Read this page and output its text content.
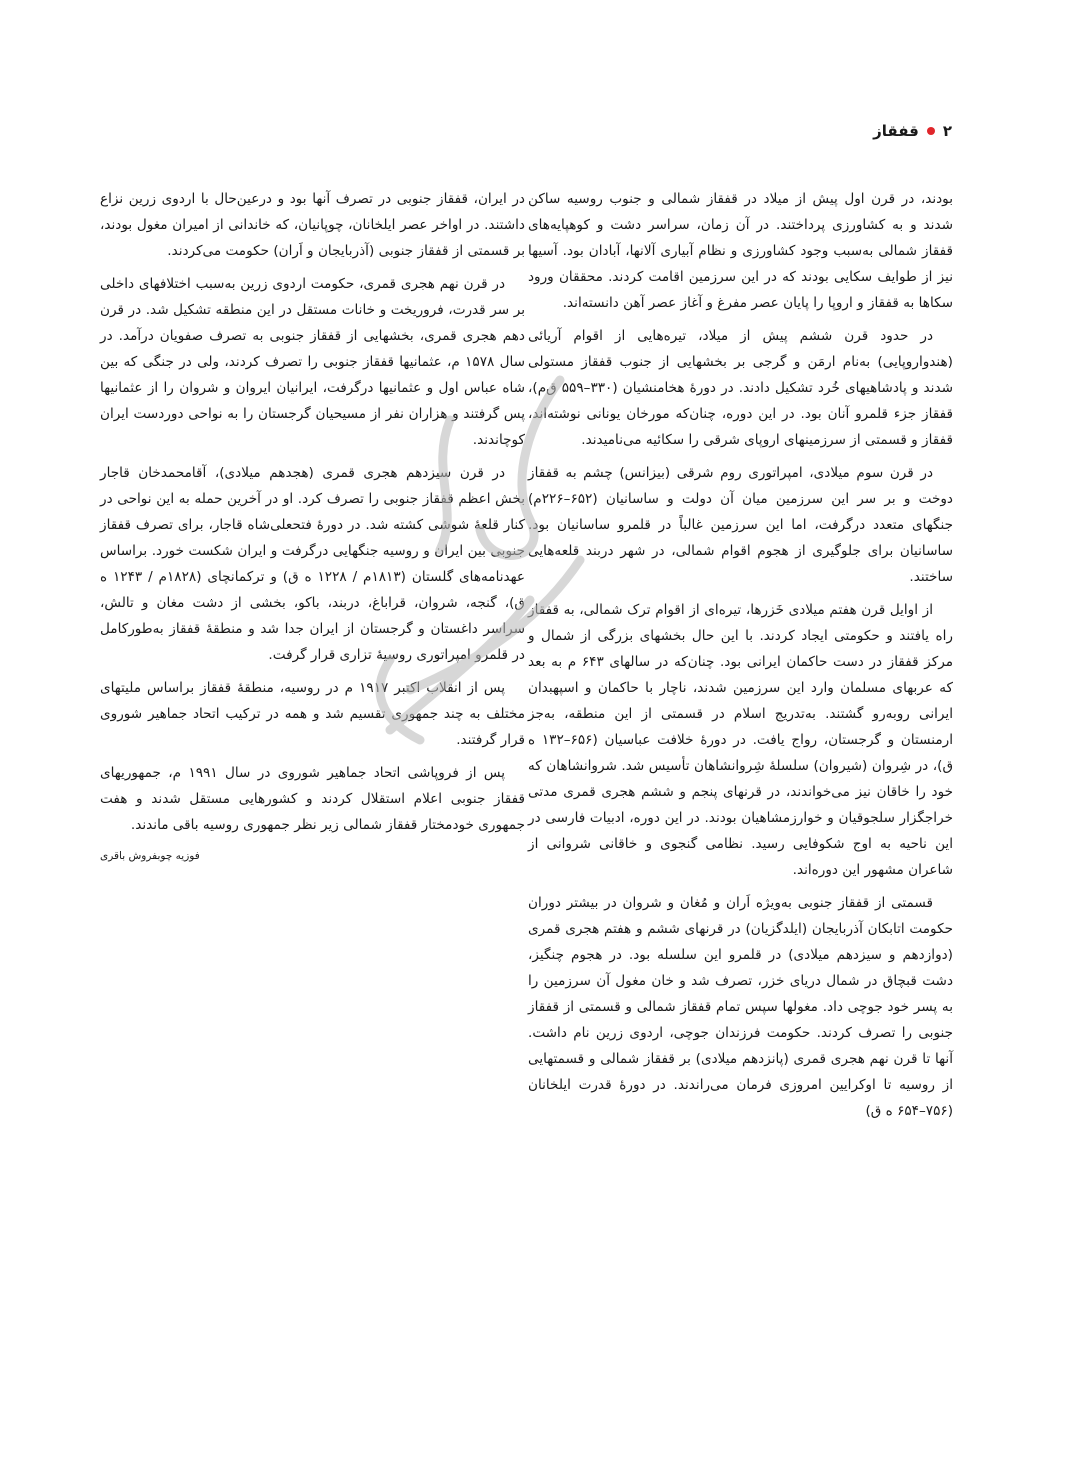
۲
قفقاز

بودند، در قرن اول پیش از میلاد در قفقاز شمالی و جنوب روسیه ساکن شدند و به کشاورزی پرداختند. در آن زمان، سراسر دشت و کوهپایه‌های قفقاز شمالی به‌سبب وجود کشاورزی و نظام آبیاری آلانها، آبادان بود. آسیها نیز از طوایف سکایی بودند که در این سرزمین اقامت کردند. محققان ورود سکاها به قفقاز و اروپا را پایان عصر مفرغ و آغاز عصر آهن دانسته‌اند.

در حدود قرن ششم پیش از میلاد، تیره‌هایی از اقوام آریائی (هندواروپایی) به‌نام ارمَن و گرجی بر بخشهایی از جنوب قفقاز مستولی شدند و پادشاهیهای خُرد تشکیل دادند. در دورهٔ هخامنشیان (۳۳۰–۵۵۹ ق‌م)، قفقاز جزء قلمرو آنان بود. در این دوره، چنان‌که مورخان یونانی نوشته‌اند، قفقاز و قسمتی از سرزمینهای اروپای شرقی را سکائیه می‌نامیدند.

در قرن سوم میلادی، امپراتوری روم شرقی (بیزانس) چشم به قفقاز دوخت و بر سر این سرزمین میان آن دولت و ساسانیان (۶۵۲–۲۲۶م) جنگهای متعدد درگرفت، اما این سرزمین غالباً در قلمرو ساسانیان بود. ساسانیان برای جلوگیری از هجوم اقوام شمالی، در شهر دربند قلعه‌هایی ساختند.

از اوایل قرن هفتم میلادی خَزرها، تیره‌ای از اقوام ترک شمالی، به قفقاز راه یافتند و حکومتی ایجاد کردند. با این حال بخشهای بزرگی از شمال و مرکز قفقاز در دست حاکمان ایرانی بود. چنان‌که در سالهای ۶۴۳ م به بعد که عربهای مسلمان وارد این سرزمین شدند، ناچار با حاکمان و اسپهبدان ایرانی روبه‌رو گشتند. به‌تدریج اسلام در قسمتی از این منطقه، به‌جز ارمنستان و گرجستان، رواج یافت. در دورهٔ خلافت عباسیان (۶۵۶–۱۳۲ ه‌ ق)، در شِروان (شیروان) سلسلهٔ شِروانشاهان تأسیس شد. شروانشاهان که خود را خاقان نیز می‌خواندند، در قرنهای پنجم و ششم هجری قمری مدتی خراجگزار سلجوقیان و خوارزمشاهیان بودند. در این دوره، ادبیات فارسی در این ناحیه به اوج شکوفایی رسید. نظامی گنجوی و خاقانی شروانی از شاعران مشهور این دوره‌اند.

قسمتی از قفقاز جنوبی به‌ویژه اَران و مُغان و شروان در بیشتر دوران حکومت اتابکان آذربایجان (ایلدگزیان) در قرنهای ششم و هفتم هجری قمری (دوازدهم و سیزدهم میلادی) در قلمرو این سلسله بود. در هجوم چنگیز، دشت قبچاق در شمال دریای خزر، تصرف شد و خان مغول آن سرزمین را به پسر خود جوچی داد. مغولها سپس تمام قفقاز شمالی و قسمتی از قفقاز جنوبی را تصرف کردند. حکومت فرزندان جوچی، اردوی زرین نام داشت. آنها تا قرن نهم هجری قمری (پانزدهم میلادی) بر قفقاز شمالی و قسمتهایی از روسیه تا اوکرایین امروزی فرمان می‌راندند. در دورهٔ قدرت ایلخانان (۷۵۶–۶۵۴ ه‌ ق)

در ایران، قفقاز جنوبی در تصرف آنها بود و درعین‌حال با اردوی زرین نزاع داشتند. در اواخر عصر ایلخانان، چوپانیان، که خاندانی از امیران مغول بودند، بر قسمتی از قفقاز جنوبی (آذربایجان و اَران) حکومت می‌کردند.

در قرن نهم هجری قمری، حکومت اردوی زرین به‌سبب اختلافهای داخلی بر سر قدرت، فروریخت و خانات مستقل در این منطقه تشکیل شد. در قرن دهم هجری قمری، بخشهایی از قفقاز جنوبی به تصرف صفویان درآمد. در سال ۱۵۷۸ م، عثمانیها قفقاز جنوبی را تصرف کردند، ولی در جنگی که بین شاه عباس اول و عثمانیها درگرفت، ایرانیان ایروان و شروان را از عثمانیها پس گرفتند و هزاران نفر از مسیحیان گرجستان را به نواحی دوردست ایران کوچاندند.

در قرن سیزدهم هجری قمری (هجدهم میلادی)، آقامحمدخان قاجار بخش اعظم قفقاز جنوبی را تصرف کرد. او در آخرین حمله به این نواحی در کنار قلعهٔ شوشی کشته شد. در دورهٔ فتحعلی‌شاه قاجار، برای تصرف قفقاز جنوبی بین ایران و روسیه جنگهایی درگرفت و ایران شکست خورد. براساس عهدنامه‌های گلستان (۱۸۱۳م / ۱۲۲۸ ه‌ ق) و ترکمانچای (۱۸۲۸م / ۱۲۴۳ ه‌ ق)، گنجه، شروان، قراباغ، دربند، باکو، بخشی از دشت مغان و تالش، سراسر داغستان و گرجستان از ایران جدا شد و منطقهٔ قفقاز به‌طورکامل در قلمرو امپراتوری روسیهٔ تزاری قرار گرفت.

پس از انقلاب اکتبر ۱۹۱۷ م در روسیه، منطقهٔ قفقاز براساس ملیتهای مختلف به چند جمهوری تقسیم شد و همه در ترکیب اتحاد جماهیر شوروی قرار گرفتند.

پس از فروپاشی اتحاد جماهیر شوروی در سال ۱۹۹۱ م، جمهوریهای قفقاز جنوبی اعلام استقلال کردند و کشورهایی مستقل شدند و هفت جمهوری خودمختار قفقاز شمالی زیر نظر جمهوری روسیه باقی ماندند.

فوزیه چوبفروش باقری
